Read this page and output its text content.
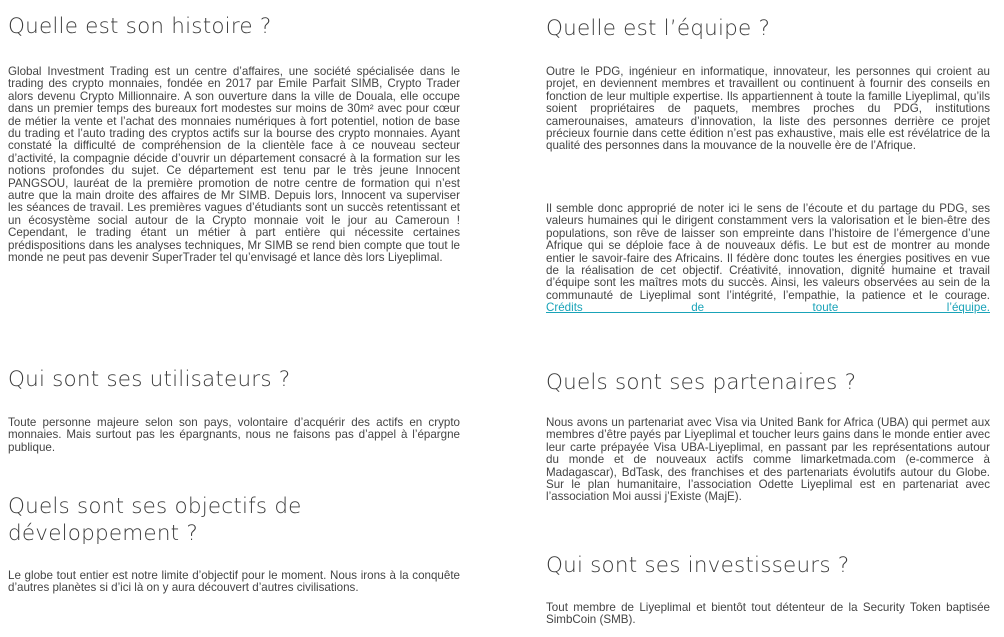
Quelle est son histoire ?

Global Investment Trading est un centre d’affaires, une société spécialisée dans le trading des crypto monnaies, fondée en 2017 par Emile Parfait SIMB, Crypto Trader alors devenu Crypto Millionnaire. A son ouverture dans la ville de Douala, elle occupe dans un premier temps des bureaux fort modestes sur moins de 30m² avec pour cœur de métier la vente et l’achat des monnaies numériques à fort potentiel, notion de base du trading et l’auto trading des cryptos actifs sur la bourse des crypto monnaies. Ayant constaté la difficulté de compréhension de la clientèle face à ce nouveau secteur d’activité, la compagnie décide d’ouvrir un département consacré à la formation sur les notions profondes du sujet. Ce département est tenu par le très jeune Innocent PANGSOU, lauréat de la première promotion de notre centre de formation qui n’est autre que la main droite des affaires de Mr SIMB. Depuis lors, Innocent va superviser les séances de travail. Les premières vagues d’étudiants sont un succès retentissant et un écosystème social autour de la Crypto monnaie voit le jour au Cameroun ! Cependant, le trading étant un métier à part entière qui nécessite certaines prédispositions dans les analyses techniques, Mr SIMB se rend bien compte que tout le monde ne peut pas devenir SuperTrader tel qu’envisagé et lance dès lors Liyeplimal.

Qui sont ses utilisateurs ?

Toute personne majeure selon son pays, volontaire d’acquérir des actifs en crypto monnaies. Mais surtout pas les épargnants, nous ne faisons pas d’appel à l’épargne publique.

Quels sont ses objectifs de développement ?

Le globe tout entier est notre limite d’objectif pour le moment. Nous irons à la conquête d’autres planètes si d’ici là on y aura découvert d’autres civilisations.

Quelle est l’équipe ?

Outre le PDG, ingénieur en informatique, innovateur, les personnes qui croient au projet, en deviennent membres et travaillent ou continuent à fournir des conseils en fonction de leur multiple expertise. Ils appartiennent à toute la famille Liyeplimal, qu’ils soient propriétaires de paquets, membres proches du PDG, institutions camerounaises, amateurs d’innovation, la liste des personnes derrière ce projet précieux fournie dans cette édition n’est pas exhaustive, mais elle est révélatrice de la qualité des personnes dans la mouvance de la nouvelle ère de l’Afrique.

Il semble donc approprié de noter ici le sens de l’écoute et du partage du PDG, ses valeurs humaines qui le dirigent constamment vers la valorisation et le bien-être des populations, son rêve de laisser son empreinte dans l’histoire de l’émergence d’une Afrique qui se déploie face à de nouveaux défis. Le but est de montrer au monde entier le savoir-faire des Africains. Il fédère donc toutes les énergies positives en vue de la réalisation de cet objectif. Créativité, innovation, dignité humaine et travail d’équipe sont les maîtres mots du succès. Ainsi, les valeurs observées au sein de la communauté de Liyeplimal sont l’intégrité, l’empathie, la patience et le courage. Crédits de toute l’équipe.

Quels sont ses partenaires ?

Nous avons un partenariat avec Visa via United Bank for Africa (UBA) qui permet aux membres d’être payés par Liyeplimal et toucher leurs gains dans le monde entier avec leur carte prépayée Visa UBA-Liyeplimal, en passant par les représentations autour du monde et de nouveaux actifs comme limarketmada.com (e-commerce à Madagascar), BdTask, des franchises et des partenariats évolutifs autour du Globe. Sur le plan humanitaire, l’association Odette Liyeplimal est en partenariat avec l’association Moi aussi j’Existe (MajE).

Qui sont ses investisseurs ?

Tout membre de Liyeplimal et bientôt tout détenteur de la Security Token baptisée SimbCoin (SMB).
